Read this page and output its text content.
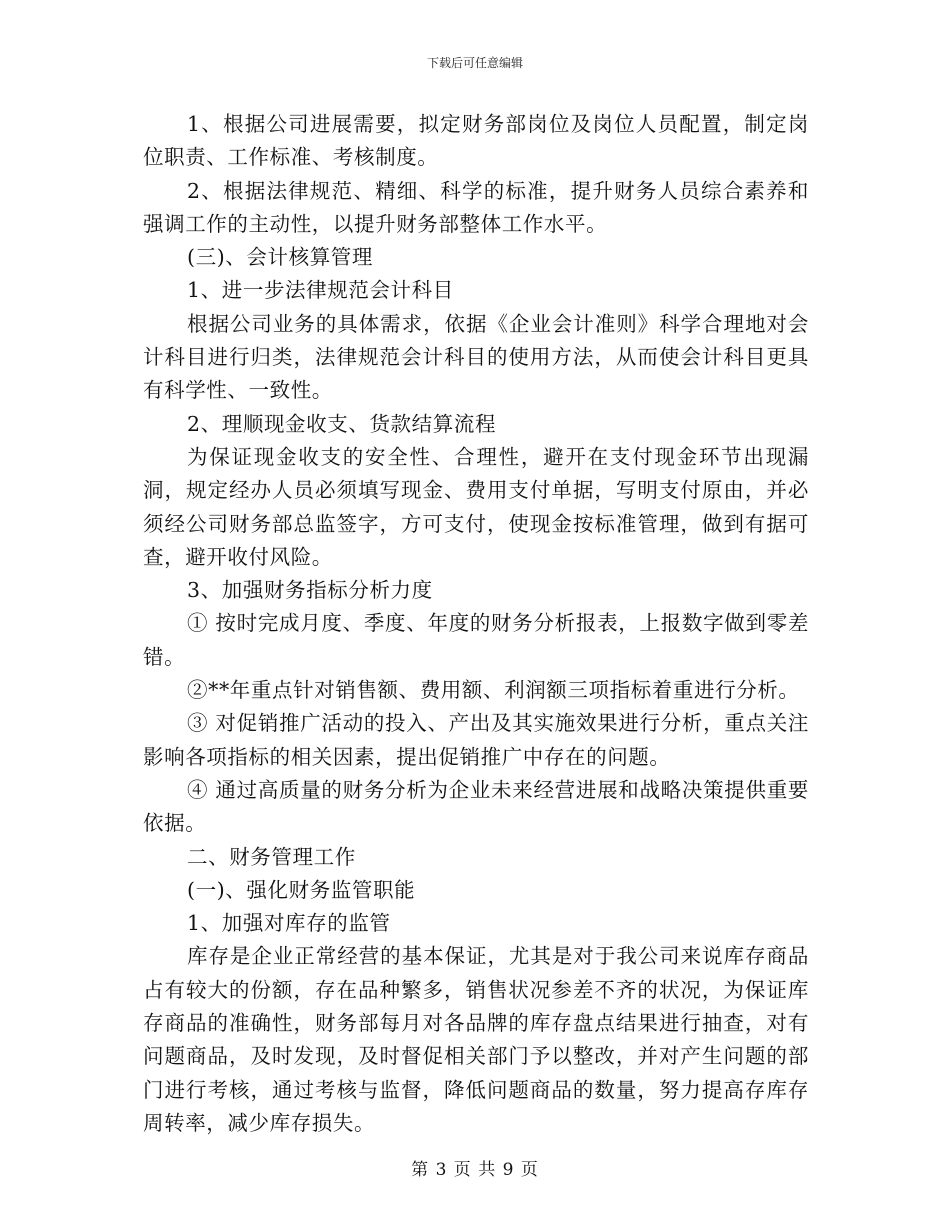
下载后可任意编辑

1、根据公司进展需要，拟定财务部岗位及岗位人员配置，制定岗位职责、工作标准、考核制度。

2、根据法律规范、精细、科学的标准，提升财务人员综合素养和强调工作的主动性，以提升财务部整体工作水平。

(三)、会计核算管理

1、进一步法律规范会计科目

根据公司业务的具体需求，依据《企业会计准则》科学合理地对会计科目进行归类，法律规范会计科目的使用方法，从而使会计科目更具有科学性、一致性。

2、理顺现金收支、货款结算流程

为保证现金收支的安全性、合理性，避开在支付现金环节出现漏洞，规定经办人员必须填写现金、费用支付单据，写明支付原由，并必须经公司财务部总监签字，方可支付，使现金按标准管理，做到有据可查，避开收付风险。

3、加强财务指标分析力度

① 按时完成月度、季度、年度的财务分析报表，上报数字做到零差错。

②**年重点针对销售额、费用额、利润额三项指标着重进行分析。

③ 对促销推广活动的投入、产出及其实施效果进行分析，重点关注影响各项指标的相关因素，提出促销推广中存在的问题。

④ 通过高质量的财务分析为企业未来经营进展和战略决策提供重要依据。

二、财务管理工作

(一)、强化财务监管职能

1、加强对库存的监管

库存是企业正常经营的基本保证，尤其是对于我公司来说库存商品占有较大的份额，存在品种繁多，销售状况参差不齐的状况，为保证库存商品的准确性，财务部每月对各品牌的库存盘点结果进行抽查，对有问题商品，及时发现，及时督促相关部门予以整改，并对产生问题的部门进行考核，通过考核与监督，降低问题商品的数量，努力提高存库存周转率，减少库存损失。

第 3 页 共 9 页
